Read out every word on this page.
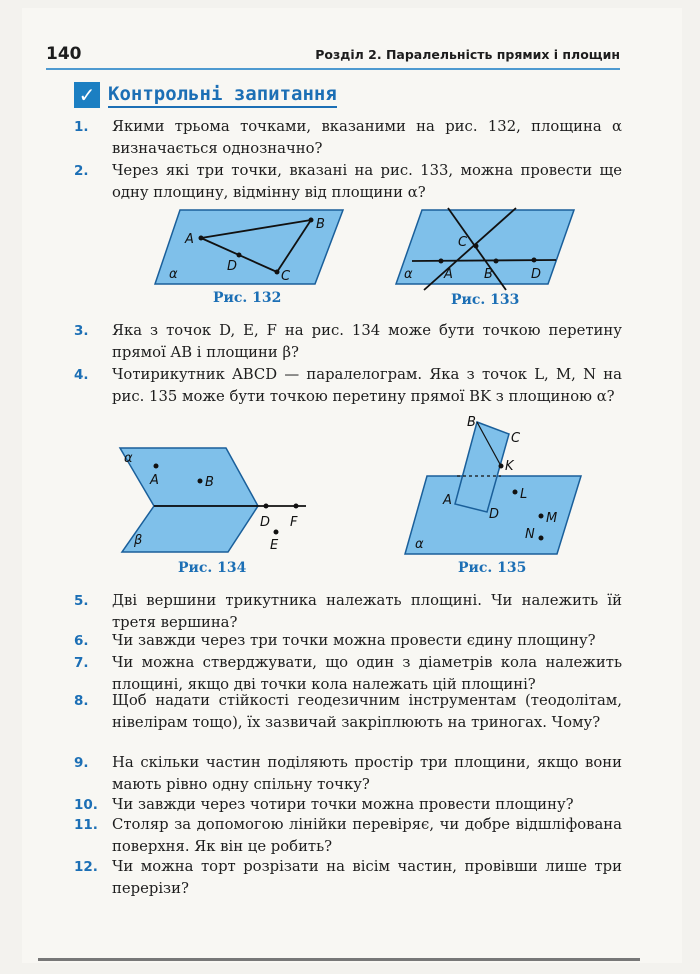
140	Розділ 2. Паралельність прямих і площин
✓ Контрольні запитання
1.	Якими трьома точками, вказаними на рис. 132, площина α визначається однозначно?
2.	Через які три точки, вказані на рис. 133, можна провести ще одну площину, відмінну від площини α?
A
B
C
D
α
Рис. 132
C
A B	D
α
Рис. 133
3.	Яка з точок D, E, F на рис. 134 може бути точкою перетину прямої AB і площини β?
4.	Чотирикутник ABCD — паралелограм. Яка з точок L, M, N на рис. 135 може бути точкою перетину прямої BK з площиною α?
α
A	B
D F
E
β
Рис. 134
B
C
K
A
D
L
M
N
α
Рис. 135
5.	Дві вершини трикутника належать площині. Чи належить їй третя вершина?
6.	Чи завжди через три точки можна провести єдину площину?
7.	Чи можна стверджувати, що один з діаметрів кола належить площині, якщо дві точки кола належать цій площині?
8.	Щоб надати стійкості геодезичним інструментам (теодолітам, нівелірам тощо), їх зазвичай закріплюють на триногах. Чому?
9.	На скільки частин поділяють простір три площини, якщо вони мають рівно одну спільну точку?
10. Чи завжди через чотири точки можна провести площину?
11. Столяр за допомогою лінійки перевіряє, чи добре відшліфована поверхня. Як він це робить?
12. Чи можна торт розрізати на вісім частин, провівши лише три перерізи?
